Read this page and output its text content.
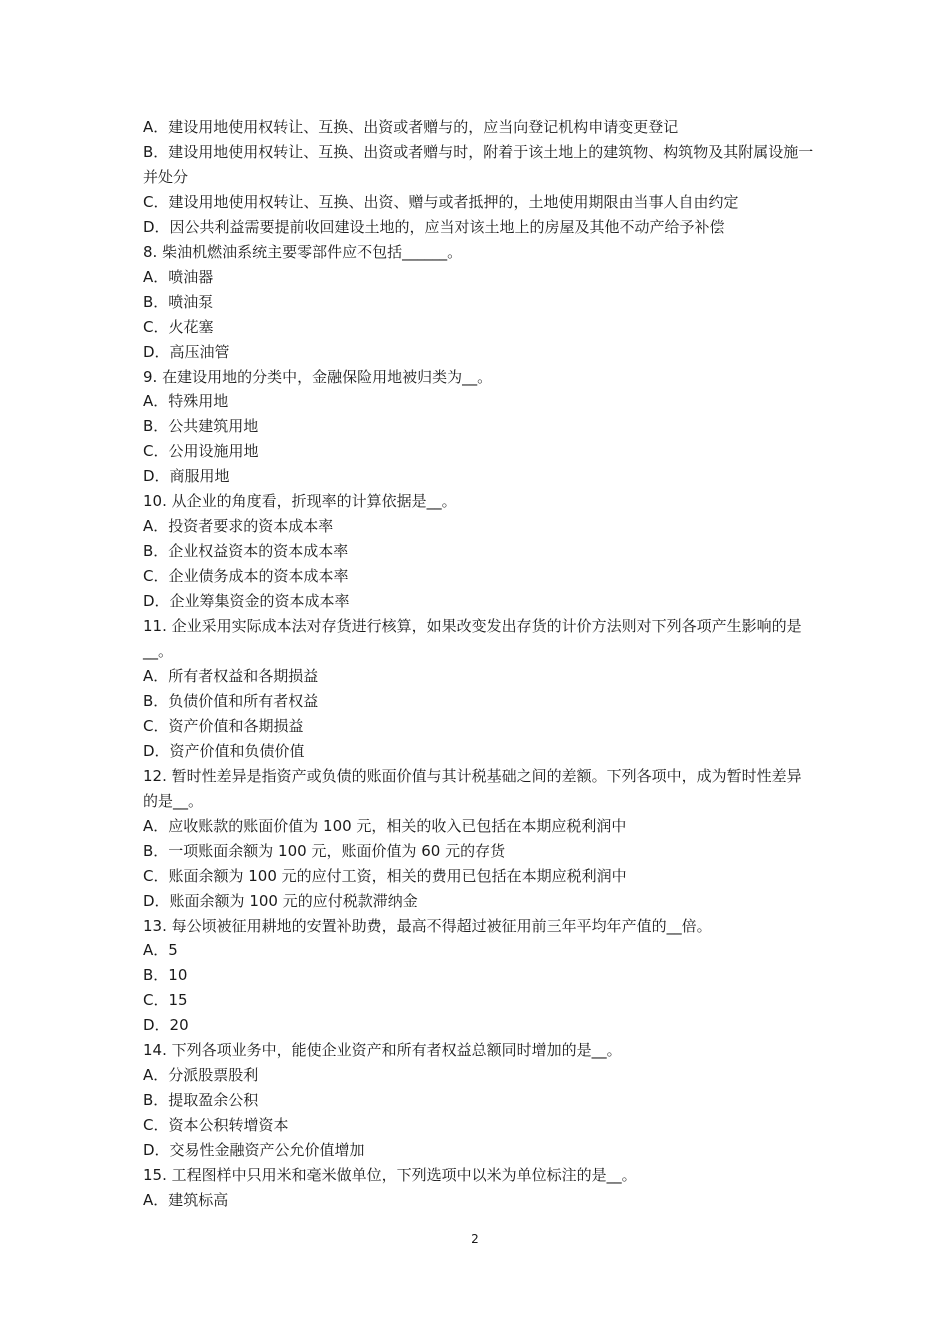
A．建设用地使用权转让、互换、出资或者赠与的，应当向登记机构申请变更登记
B．建设用地使用权转让、互换、出资或者赠与时，附着于该土地上的建筑物、构筑物及其附属设施一并处分
C．建设用地使用权转让、互换、出资、赠与或者抵押的，土地使用期限由当事人自由约定
D．因公共利益需要提前收回建设土地的，应当对该土地上的房屋及其他不动产给予补偿
8. 柴油机燃油系统主要零部件应不包括______。
A．喷油器
B．喷油泵
C．火花塞
D．高压油管
9. 在建设用地的分类中，金融保险用地被归类为__。
A．特殊用地
B．公共建筑用地
C．公用设施用地
D．商服用地
10. 从企业的角度看，折现率的计算依据是__。
A．投资者要求的资本成本率
B．企业权益资本的资本成本率
C．企业债务成本的资本成本率
D．企业筹集资金的资本成本率
11. 企业采用实际成本法对存货进行核算，如果改变发出存货的计价方法则对下列各项产生影响的是__。
A．所有者权益和各期损益
B．负债价值和所有者权益
C．资产价值和各期损益
D．资产价值和负债价值
12. 暂时性差异是指资产或负债的账面价值与其计税基础之间的差额。下列各项中，成为暂时性差异的是__。
A．应收账款的账面价值为 100 元，相关的收入已包括在本期应税利润中
B．一项账面余额为 100 元，账面价值为 60 元的存货
C．账面余额为 100 元的应付工资，相关的费用已包括在本期应税利润中
D．账面余额为 100 元的应付税款滞纳金
13. 每公顷被征用耕地的安置补助费，最高不得超过被征用前三年平均年产值的__倍。
A．5
B．10
C．15
D．20
14. 下列各项业务中，能使企业资产和所有者权益总额同时增加的是__。
A．分派股票股利
B．提取盈余公积
C．资本公积转增资本
D．交易性金融资产公允价值增加
15. 工程图样中只用米和毫米做单位，下列选项中以米为单位标注的是__。
A．建筑标高
2
